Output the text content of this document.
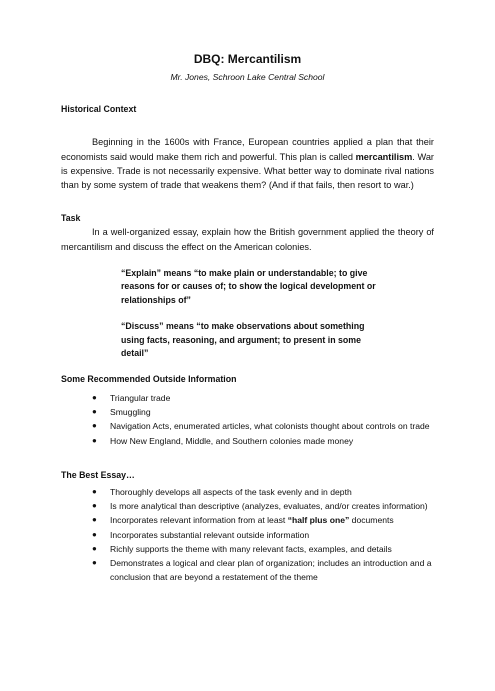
DBQ: Mercantilism
Mr. Jones, Schroon Lake Central School
Historical Context
Beginning in the 1600s with France, European countries applied a plan that their economists said would make them rich and powerful. This plan is called mercantilism. War is expensive. Trade is not necessarily expensive. What better way to dominate rival nations than by some system of trade that weakens them? (And if that fails, then resort to war.)
Task
In a well-organized essay, explain how the British government applied the theory of mercantilism and discuss the effect on the American colonies.
“Explain” means “to make plain or understandable; to give reasons for or causes of; to show the logical development or relationships of”
“Discuss” means “to make observations about something using facts, reasoning, and argument; to present in some detail”
Some Recommended Outside Information
● Triangular trade
● Smuggling
● Navigation Acts, enumerated articles, what colonists thought about controls on trade
● How New England, Middle, and Southern colonies made money
The Best Essay…
● Thoroughly develops all aspects of the task evenly and in depth
● Is more analytical than descriptive (analyzes, evaluates, and/or creates information)
● Incorporates relevant information from at least “half plus one” documents
● Incorporates substantial relevant outside information
● Richly supports the theme with many relevant facts, examples, and details
● Demonstrates a logical and clear plan of organization; includes an introduction and a conclusion that are beyond a restatement of the theme
